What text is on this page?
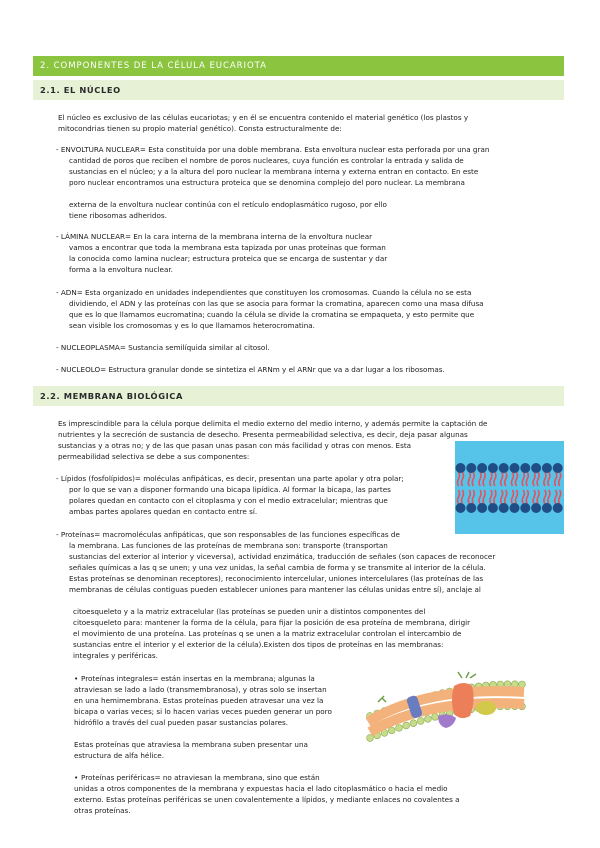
2. COMPONENTES DE LA CÉLULA EUCARIOTA
2.1. EL NÚCLEO

El núcleo es exclusivo de las células eucariotas; y en él se encuentra contenido el material genético (los plastos y

mitocondrias tienen su propio material genético). Consta estructuralmente de:

- ENVOLTURA NUCLEAR= Esta constituida por una doble membrana. Esta envoltura nuclear esta perforada por una gran

cantidad de poros que reciben el nombre de poros nucleares, cuya función es controlar la entrada y salida de

sustancias en el núcleo; y a la altura del poro nuclear la membrana interna y externa entran en contacto. En este

poro nuclear encontramos una estructura proteica que se denomina complejo del poro nuclear. La membrana

externa de la envoltura nuclear continúa con el retículo endoplasmático rugoso, por ello

tiene ribosomas adheridos.

- LÁMINA NUCLEAR= En la cara interna de la membrana interna de la envoltura nuclear

vamos a encontrar que toda la membrana esta tapizada por unas proteínas que forman

la conocida como lamina nuclear; estructura proteica que se encarga de sustentar y dar

forma a la envoltura nuclear.

- ADN= Esta organizado en unidades independientes que constituyen los cromosomas. Cuando la célula no se esta

dividiendo, el ADN y las proteínas con las que se asocia para formar la cromatina, aparecen como una masa difusa

que es lo que llamamos eucromatina; cuando la célula se divide la cromatina se empaqueta, y esto permite que

sean visible los cromosomas y es lo que llamamos heterocromatina.

- NUCLEOPLASMA= Sustancia semilíquida similar al citosol.

- NUCLEOLO= Estructura granular donde se sintetiza el ARNm y el ARNr que va a dar lugar a los ribosomas.

2.2. MEMBRANA BIOLÓGICA

Es imprescindible para la célula porque delimita el medio externo del medio interno, y además permite la captación de

nutrientes y la secreción de sustancia de desecho. Presenta permeabilidad selectiva, es decir, deja pasar algunas

sustancias y a otras no; y de las que pasan unas pasan con más facilidad y otras con menos. Esta

permeabilidad selectiva se debe a sus componentes:

- Lípidos (fosfolípidos)= moléculas anfipáticas, es decir, presentan una parte apolar y otra polar;

por lo que se van a disponer formando una bicapa lipídica. Al formar la bicapa, las partes

polares quedan en contacto con el citoplasma y con el medio extracelular; mientras que

ambas partes apolares quedan en contacto entre sí.

- Proteínas= macromoléculas anfipáticas, que son responsables de las funciones específicas de

la membrana. Las funciones de las proteínas de membrana son: transporte (transportan

sustancias del exterior al interior y viceversa), actividad enzimática, traducción de señales (son capaces de reconocer

señales químicas a las q se unen; y una vez unidas, la señal cambia de forma y se transmite al interior de la célula.

Estas proteínas se denominan receptores), reconocimiento intercelular, uniones intercelulares (las proteínas de las

membranas de células contiguas pueden establecer uniones para mantener las células unidas entre sí), anclaje al

citoesqueleto y a la matriz extracelular (las proteínas se pueden unir a distintos componentes del

citoesqueleto para: mantener la forma de la célula, para fijar la posición de esa proteína de membrana, dirigir

el movimiento de una proteína. Las proteínas q se unen a la matriz extracelular controlan el intercambio de

sustancias entre el interior y el exterior de la célula).Existen dos tipos de proteínas en las membranas:

integrales y periféricas.

• Proteínas integrales= están insertas en la membrana; algunas la

atraviesan se lado a lado (transmembranosa), y otras solo se insertan

en una hemimembrana. Estas proteínas pueden atravesar una vez la

bicapa o varias veces; si lo hacen varias veces pueden generar un poro

hidrófilo a través del cual pueden pasar sustancias polares.

Estas proteínas que atraviesa la membrana suben presentar una

estructura de alfa hélice.

• Proteínas periféricas= no atraviesan la membrana, sino que están

unidas a otros componentes de la membrana y expuestas hacia el lado citoplasmático o hacia el medio

externo. Estas proteínas periféricas se unen covalentemente a lípidos, y mediante enlaces no covalentes a

otras proteínas.
